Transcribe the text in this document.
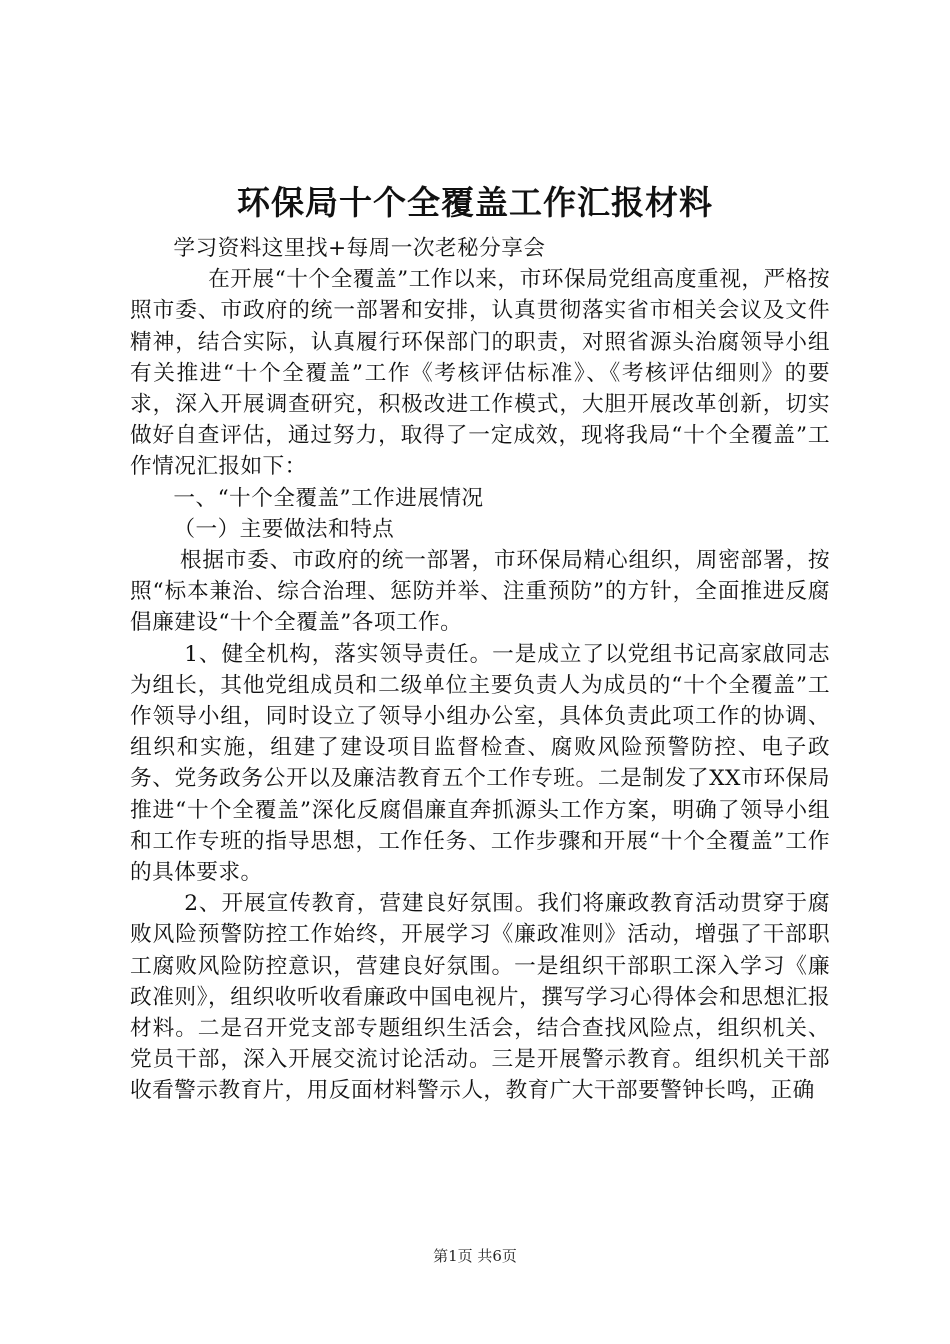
环保局十个全覆盖工作汇报材料

学习资料这里找+每周一次老秘分享会

在开展“十个全覆盖”工作以来，市环保局党组高度重视，严格按照市委、市政府的统一部署和安排，认真贯彻落实省市相关会议及文件精神，结合实际，认真履行环保部门的职责，对照省源头治腐领导小组有关推进“十个全覆盖”工作《考核评估标准》、《考核评估细则》的要求，深入开展调查研究，积极改进工作模式，大胆开展改革创新，切实做好自查评估，通过努力，取得了一定成效，现将我局“十个全覆盖”工作情况汇报如下：

一、“十个全覆盖”工作进展情况

（一）主要做法和特点

根据市委、市政府的统一部署，市环保局精心组织，周密部署，按照“标本兼治、综合治理、惩防并举、注重预防”的方针，全面推进反腐倡廉建设“十个全覆盖”各项工作。

1、健全机构，落实领导责任。一是成立了以党组书记高家啟同志为组长，其他党组成员和二级单位主要负责人为成员的“十个全覆盖”工作领导小组，同时设立了领导小组办公室，具体负责此项工作的协调、组织和实施，组建了建设项目监督检查、腐败风险预警防控、电子政务、党务政务公开以及廉洁教育五个工作专班。二是制发了XX市环保局推进“十个全覆盖”深化反腐倡廉直奔抓源头工作方案，明确了领导小组和工作专班的指导思想，工作任务、工作步骤和开展“十个全覆盖”工作的具体要求。

2、开展宣传教育，营建良好氛围。我们将廉政教育活动贯穿于腐败风险预警防控工作始终，开展学习《廉政准则》活动，增强了干部职工腐败风险防控意识，营建良好氛围。一是组织干部职工深入学习《廉政准则》，组织收听收看廉政中国电视片，撰写学习心得体会和思想汇报材料。二是召开党支部专题组织生活会，结合查找风险点，组织机关、党员干部，深入开展交流讨论活动。三是开展警示教育。组织机关干部收看警示教育片，用反面材料警示人，教育广大干部要警钟长鸣，正确

第1页 共6页
